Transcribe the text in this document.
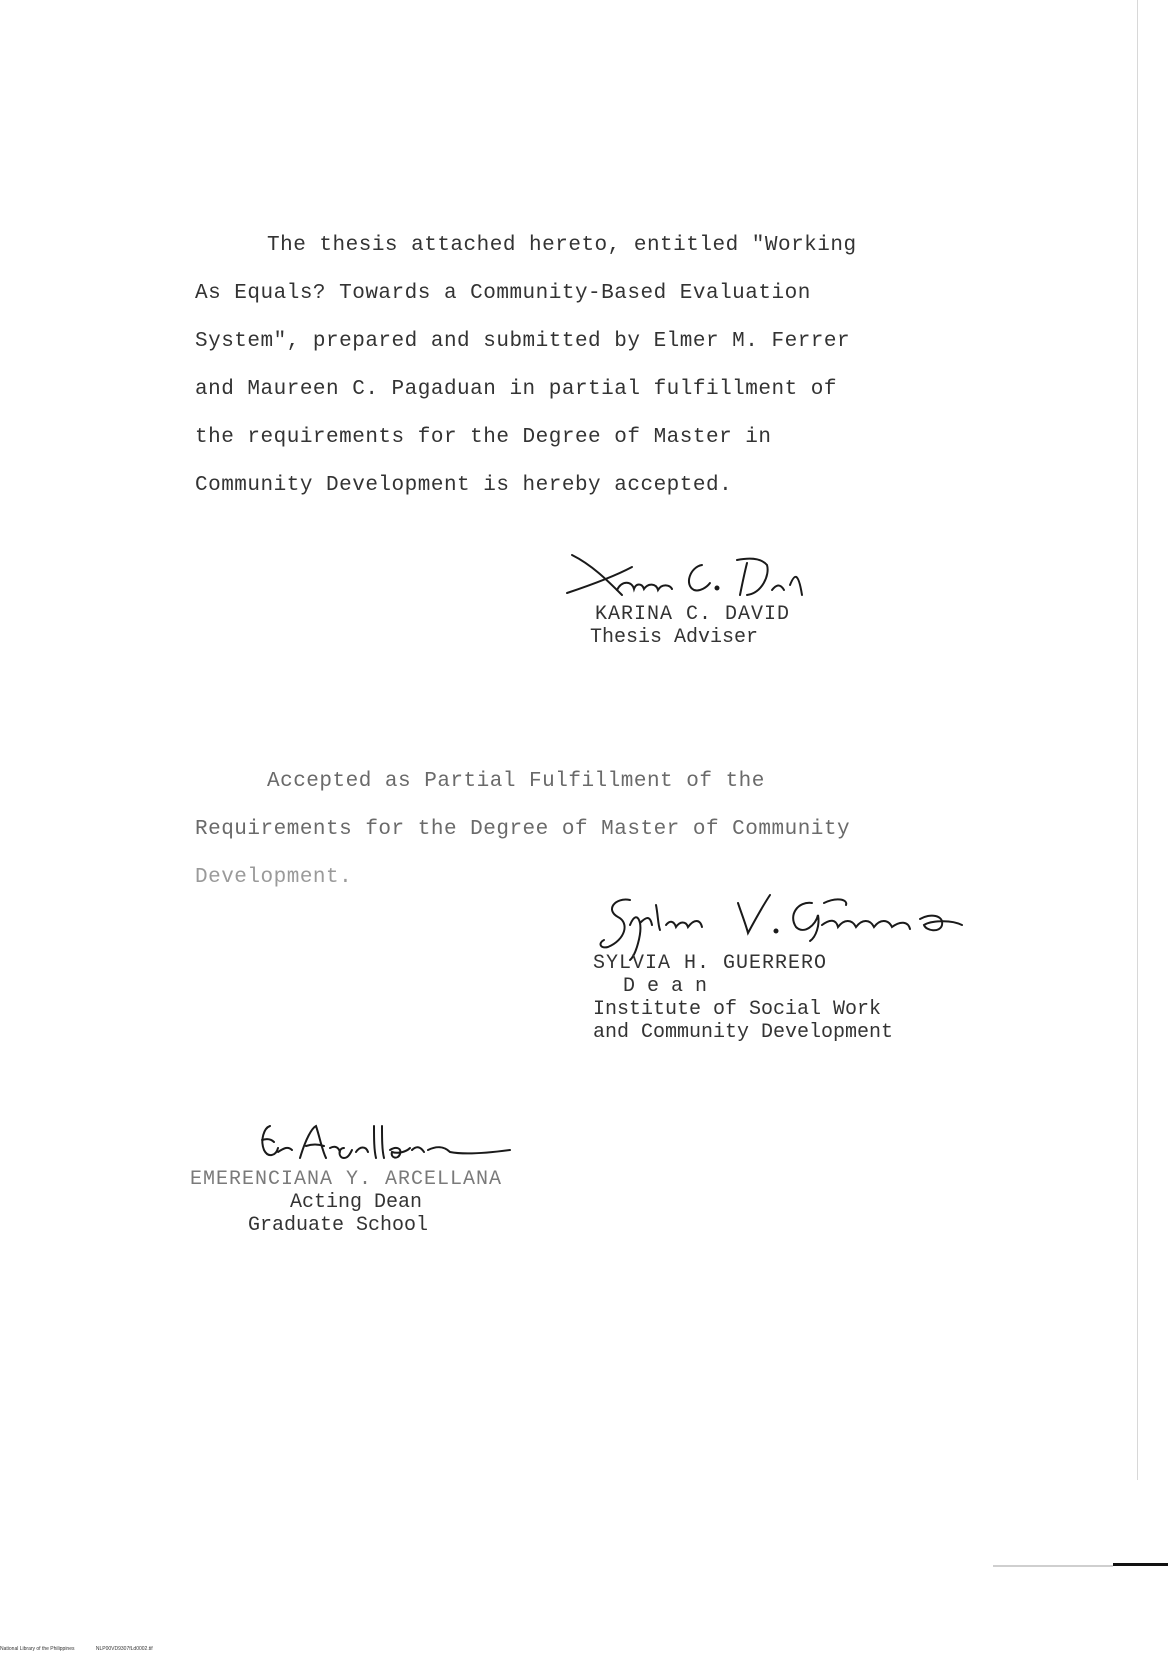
The thesis attached hereto, entitled "Working
As Equals? Towards a Community-Based Evaluation
System", prepared and submitted by Elmer M. Ferrer
and Maureen C. Pagaduan in partial fulfillment of
the requirements for the Degree of Master in
Community Development is hereby accepted.
KARINA C. DAVID
Thesis Adviser
Accepted as Partial Fulfillment of the
Requirements for the Degree of Master of Community
Development.
SYLVIA H. GUERRERO
D e a n
Institute of Social Work
and Community Development
EMERENCIANA Y. ARCELLANA
Acting Dean
Graduate School
National Library of the Philippines	NLP00VD9307fLd0002.tif
